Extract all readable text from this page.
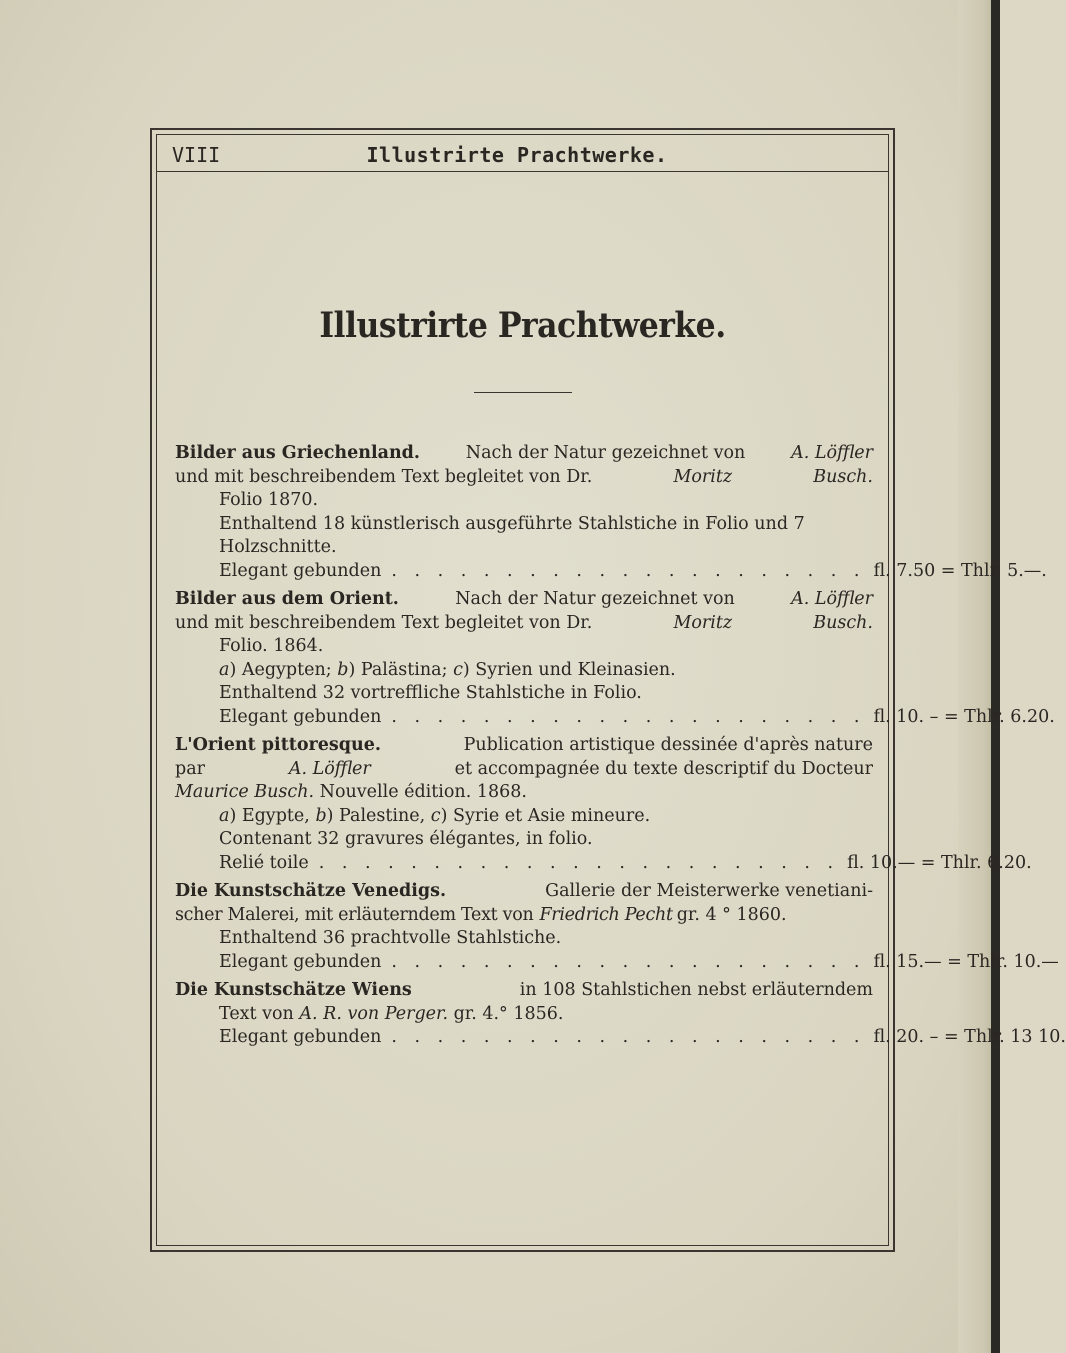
VIII	Illustrirte Prachtwerke.
Illustrirte Prachtwerke.
Bilder aus Griechenland.	Nach der Natur gezeichnet von	A. Löffler
und mit beschreibendem Text begleitet von Dr.	Moritz	Busch.
Folio 1870.
Enthaltend 18 künstlerisch ausgeführte Stahlstiche in Folio und 7
Holzschnitte.
Elegant gebunden . . . . . . . . . . . . . . . . . . . . . fl. 7.50 = Thlr. 5.—.
Bilder aus dem Orient.	Nach der Natur gezeichnet von	A. Löffler
und mit beschreibendem Text begleitet von Dr.	Moritz	Busch.
Folio. 1864.
a) Aegypten; b) Palästina; c) Syrien und Kleinasien.
Enthaltend 32 vortreffliche Stahlstiche in Folio.
Elegant gebunden . . . . . . . . . . . . . . . . . . . . . fl. 10. – = Thlr. 6.20.
L'Orient pittoresque.	Publication artistique dessinée d'après nature
par	A. Löffler	et accompagnée du texte descriptif du Docteur
Maurice Busch. Nouvelle édition. 1868.
a) Egypte, b) Palestine, c) Syrie et Asie mineure.
Contenant 32 gravures élégantes, in folio.
Relié toile . . . . . . . . . . . . . . . . . . . . . . . fl. 10.— = Thlr. 6.20.
Die Kunstschätze Venedigs.	Gallerie der Meisterwerke venetiani-
scher Malerei, mit erläuterndem Text von Friedrich Pecht gr. 4 ° 1860.
Enthaltend 36 prachtvolle Stahlstiche.
Elegant gebunden . . . . . . . . . . . . . . . . . . . . . fl. 15.— = Thlr. 10.—
Die Kunstschätze Wiens	in 108 Stahlstichen nebst erläuterndem
Text von A. R. von Perger. gr. 4.° 1856.
Elegant gebunden . . . . . . . . . . . . . . . . . . . . . fl. 20. – = Thlr. 13 10.
